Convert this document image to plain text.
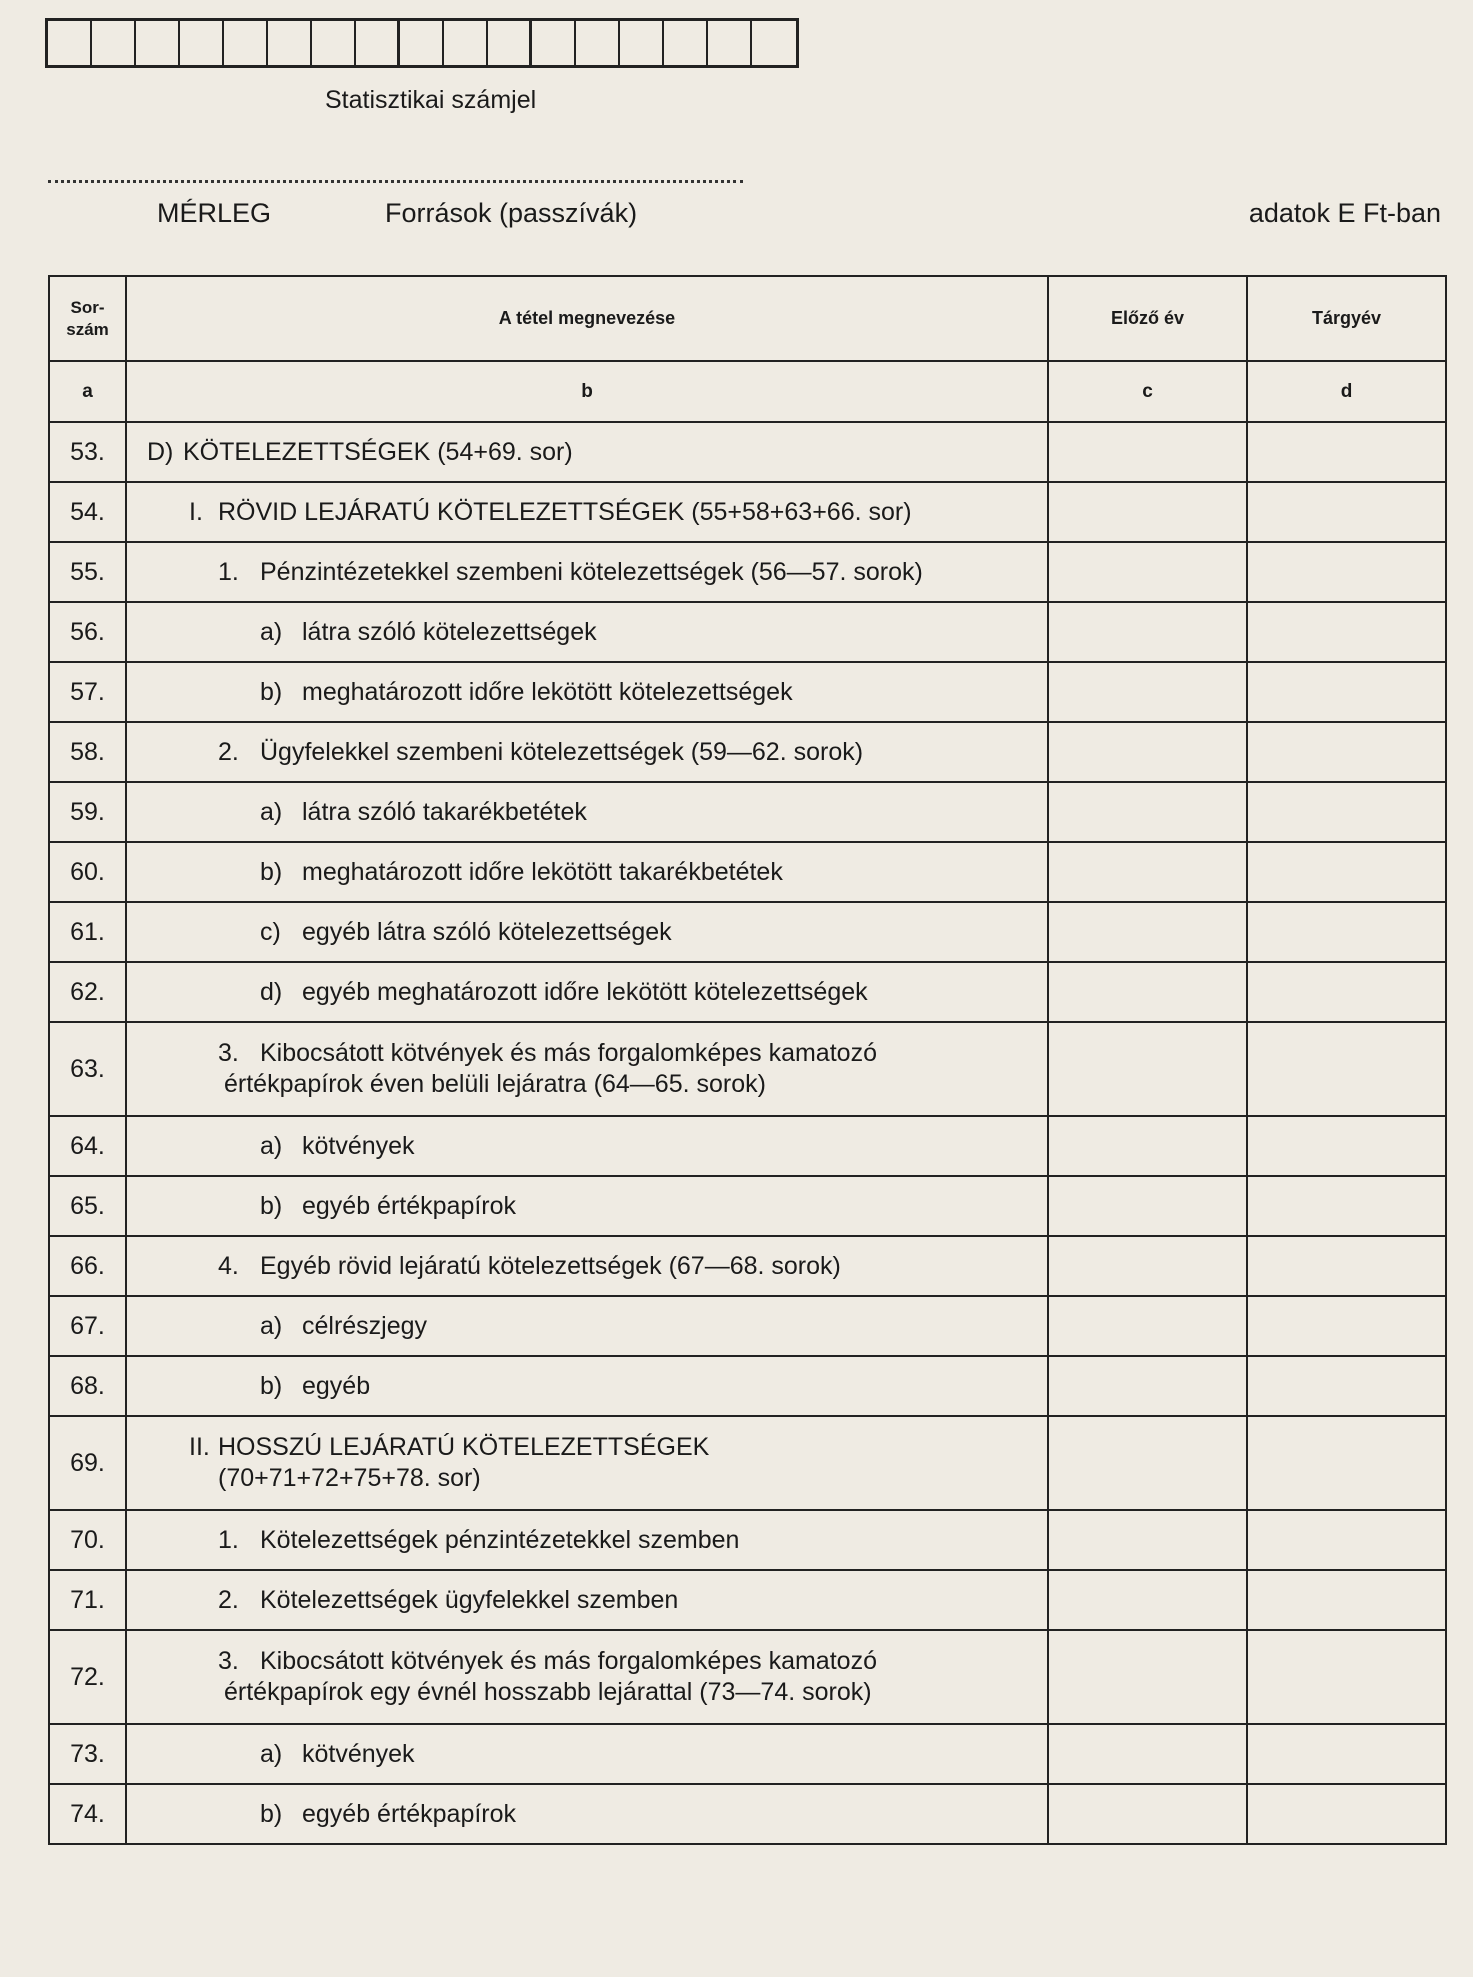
Statisztikai számjel
MÉRLEG	Források (passzívák)	adatok E Ft-ban
Sor-
szám	A tétel megnevezése	Előző év	Tárgyév
a	b	c	d
53.	D) KÖTELEZETTSÉGEK (54+69. sor)		

54.	I. RÖVID LEJÁRATÚ KÖTELEZETTSÉGEK (55+58+63+66. sor)		

55.	1. Pénzintézetekkel szembeni kötelezettségek (56—57. sorok)		

56.	a) látra szóló kötelezettségek		

57.	b) meghatározott időre lekötött kötelezettségek		

58.	2. Ügyfelekkel szembeni kötelezettségek (59—62. sorok)		

59.	a) látra szóló takarékbetétek		

60.	b) meghatározott időre lekötött takarékbetétek		

61.	c) egyéb látra szóló kötelezettségek		

62.	d) egyéb meghatározott időre lekötött kötelezettségek		

63.	3. Kibocsátott kötvények és más forgalomképes kamatozó
értékpapírok éven belüli lejáratra (64—65. sorok)		

64.	a) kötvények		

65.	b) egyéb értékpapírok		

66.	4. Egyéb rövid lejáratú kötelezettségek (67—68. sorok)		

67.	a) célrészjegy		

68.	b) egyéb		

69.	II. HOSSZÚ LEJÁRATÚ KÖTELEZETTSÉGEK
(70+71+72+75+78. sor)		

70.	1. Kötelezettségek pénzintézetekkel szemben		

71.	2. Kötelezettségek ügyfelekkel szemben		

72.	3. Kibocsátott kötvények és más forgalomképes kamatozó
értékpapírok egy évnél hosszabb lejárattal (73—74. sorok)		

73.	a) kötvények		

74.	b) egyéb értékpapírok		
